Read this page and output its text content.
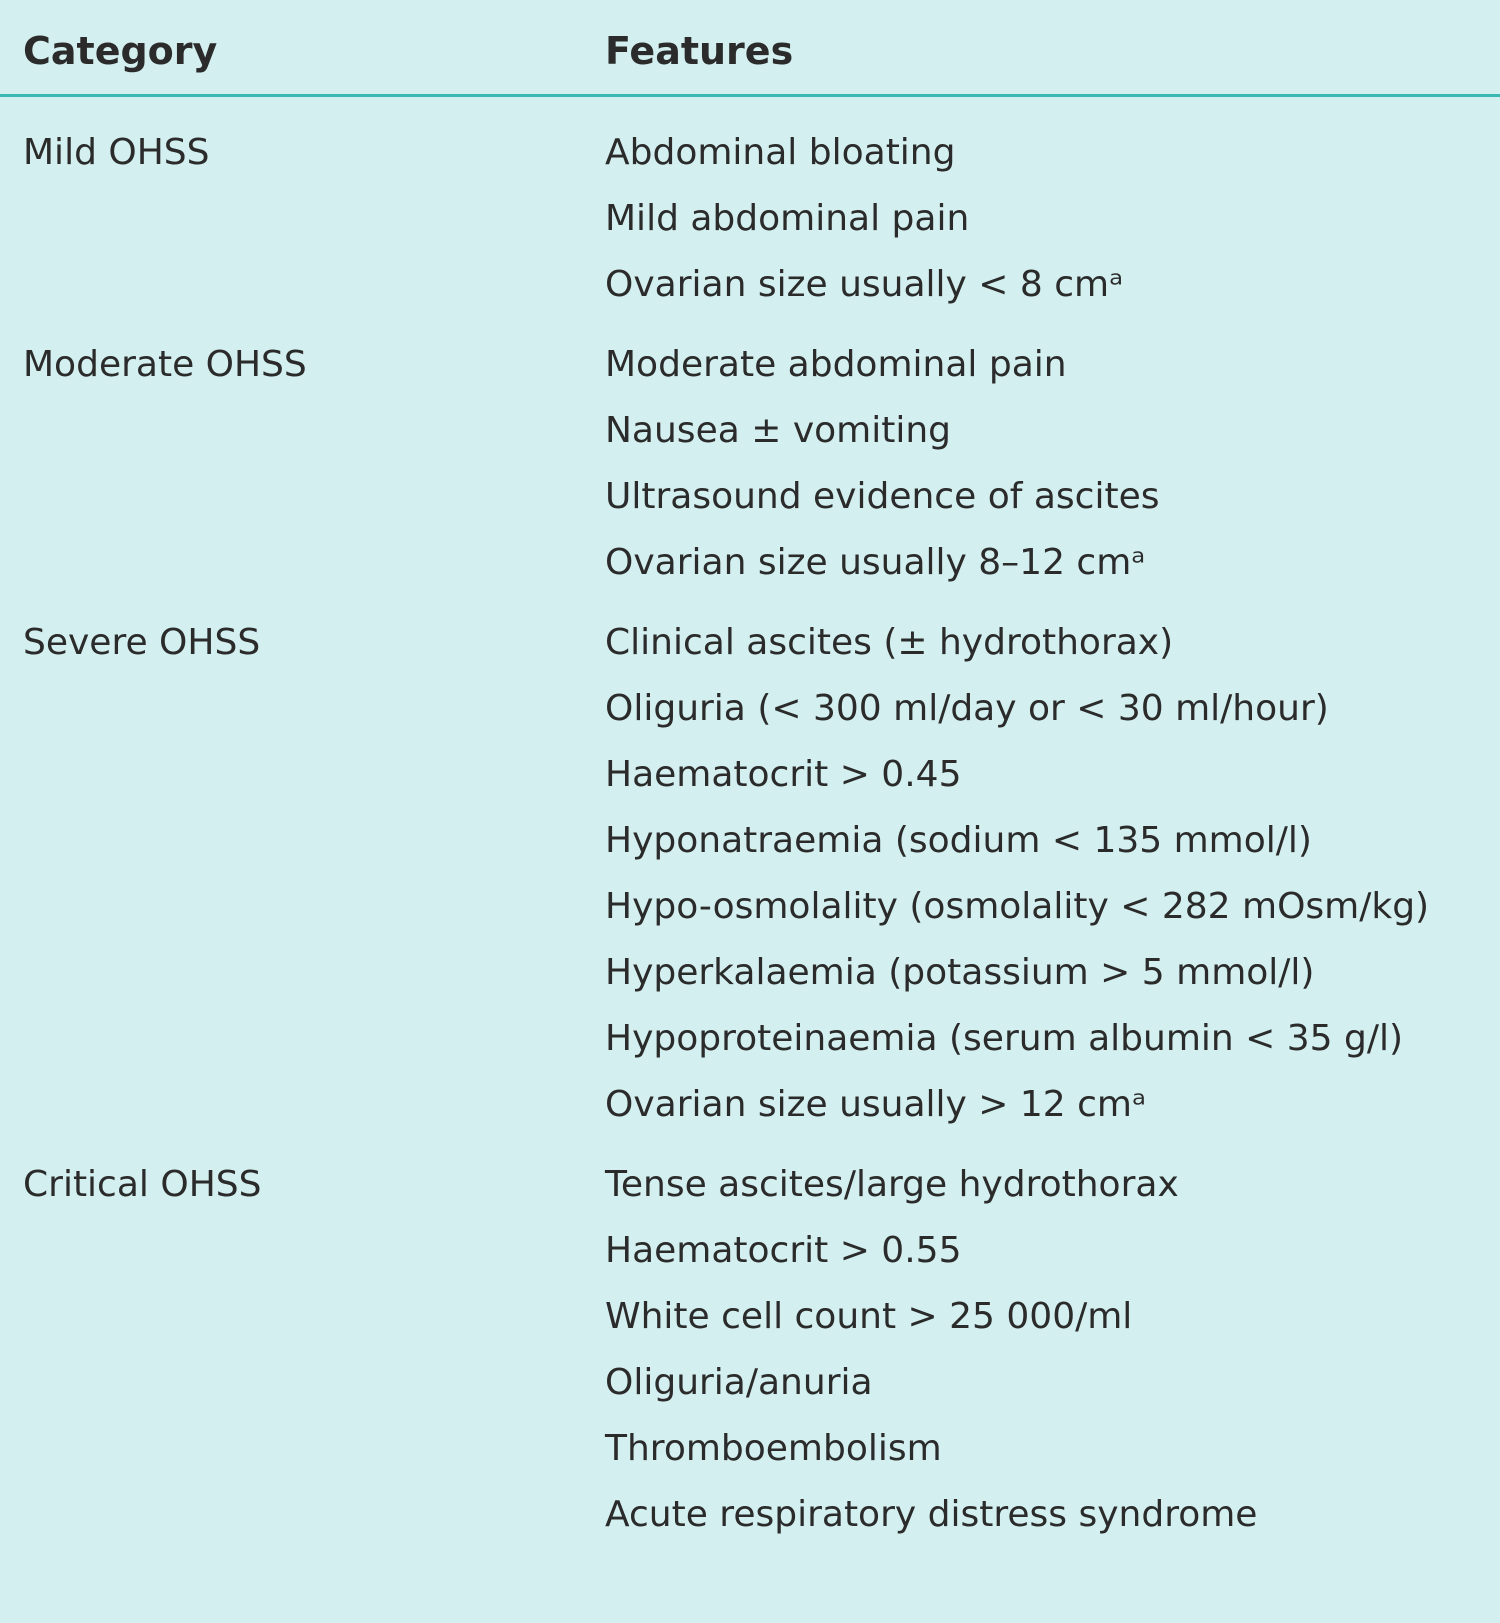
Category	Features
Mild OHSS	Abdominal bloating
Mild abdominal pain
Ovarian size usually < 8 cmᵃ
Moderate OHSS	Moderate abdominal pain
Nausea ± vomiting
Ultrasound evidence of ascites
Ovarian size usually 8–12 cmᵃ
Severe OHSS	Clinical ascites (± hydrothorax)
Oliguria (< 300 ml/day or < 30 ml/hour)
Haematocrit > 0.45
Hyponatraemia (sodium < 135 mmol/l)
Hypo-osmolality (osmolality < 282 mOsm/kg)
Hyperkalaemia (potassium > 5 mmol/l)
Hypoproteinaemia (serum albumin < 35 g/l)
Ovarian size usually > 12 cmᵃ
Critical OHSS	Tense ascites/large hydrothorax
Haematocrit > 0.55
White cell count > 25 000/ml
Oliguria/anuria
Thromboembolism
Acute respiratory distress syndrome
